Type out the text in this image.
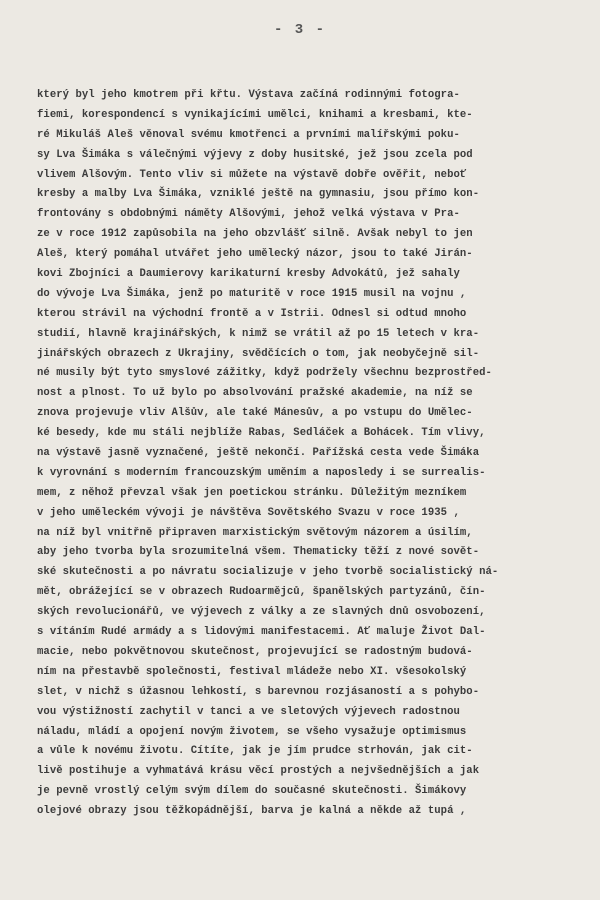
- 3 -
který byl jeho kmotrem při křtu. Výstava začíná rodinnými fotogra-
fiemi, korespondencí s vynikajícími umělci, knihami a kresbami, kte-
ré Mikuláš Aleš věnoval svému kmotřenci a prvními malířskými poku-
sy Lva Šimáka s válečnými výjevy z doby husitské, jež jsou zcela pod
vlivem Alšovým. Tento vliv si můžete na výstavě dobře ověřit, neboť
kresby a malby Lva Šimáka, vzniklé ještě na gymnasiu, jsou přímo kon-
frontovány s obdobnými náměty Alšovými, jehož velká výstava v Pra-
ze v roce 1912 zapůsobila na jeho obzvlášť silně. Avšak nebyl to jen
Aleš, který pomáhal utvářet jeho umělecký názor, jsou to také Jirán-
kovi Zbojníci a Daumierovy karikaturní kresby Advokátů, jež sahaly
do vývoje Lva Šimáka, jenž po maturitě v roce 1915 musil na vojnu ,
kterou strávil na východní frontě a v Istrii. Odnesl si odtud mnoho
studií, hlavně krajinářských, k nimž se vrátil až po 15 letech v kra-
jinářských obrazech z Ukrajiny, svědčících o tom, jak neobyčejně sil-
né musily být tyto smyslové zážitky, když podržely všechnu bezprostřed-
nost a plnost. To už bylo po absolvování pražské akademie, na níž se
znova projevuje vliv Alšův, ale také Mánesův, a po vstupu do Umělec-
ké besedy, kde mu stáli nejblíže Rabas, Sedláček a Bohácek. Tím vlivy,
na výstavě jasně vyznačené, ještě nekončí. Pařížská cesta vede Šimáka
k vyrovnání s moderním francouzským uměním a naposledy i se surrealis-
mem, z něhož převzal však jen poetickou stránku. Důležitým mezníkem
v jeho uměleckém vývoji je návštěva Sovětského Svazu v roce 1935 ,
na níž byl vnitřně připraven marxistickým světovým názorem a úsilím,
aby jeho tvorba byla srozumitelná všem. Thematicky těží z nové sovět-
ské skutečnosti a po návratu socializuje v jeho tvorbě socialistický ná-
mět, obrážející se v obrazech Rudoarmějců, španělských partyzánů, čín-
ských revolucionářů, ve výjevech z války a ze slavných dnů osvobození,
s vítáním Rudé armády a s lidovými manifestacemi. Ať maluje Život Dal-
macie, nebo pokvětnovou skutečnost, projevující se radostným budová-
ním na přestavbě společnosti, festival mládeže nebo XI. všesokolský
slet, v nichž s úžasnou lehkostí, s barevnou rozjásaností a s pohybo-
vou výstižností zachytil v tanci a ve sletových výjevech radostnou
náladu, mládí a opojení novým životem, se všeho vysažuje optimismus
a vůle k novému životu. Cítíte, jak je jím prudce strhován, jak cit-
livě postihuje a vyhmatává krásu věcí prostých a nejvšednějších a jak
je pevně vrostlý celým svým dílem do současné skutečnosti. Šimákovy
olejové obrazy jsou těžkopádnější, barva je kalná a někde až tupá ,
